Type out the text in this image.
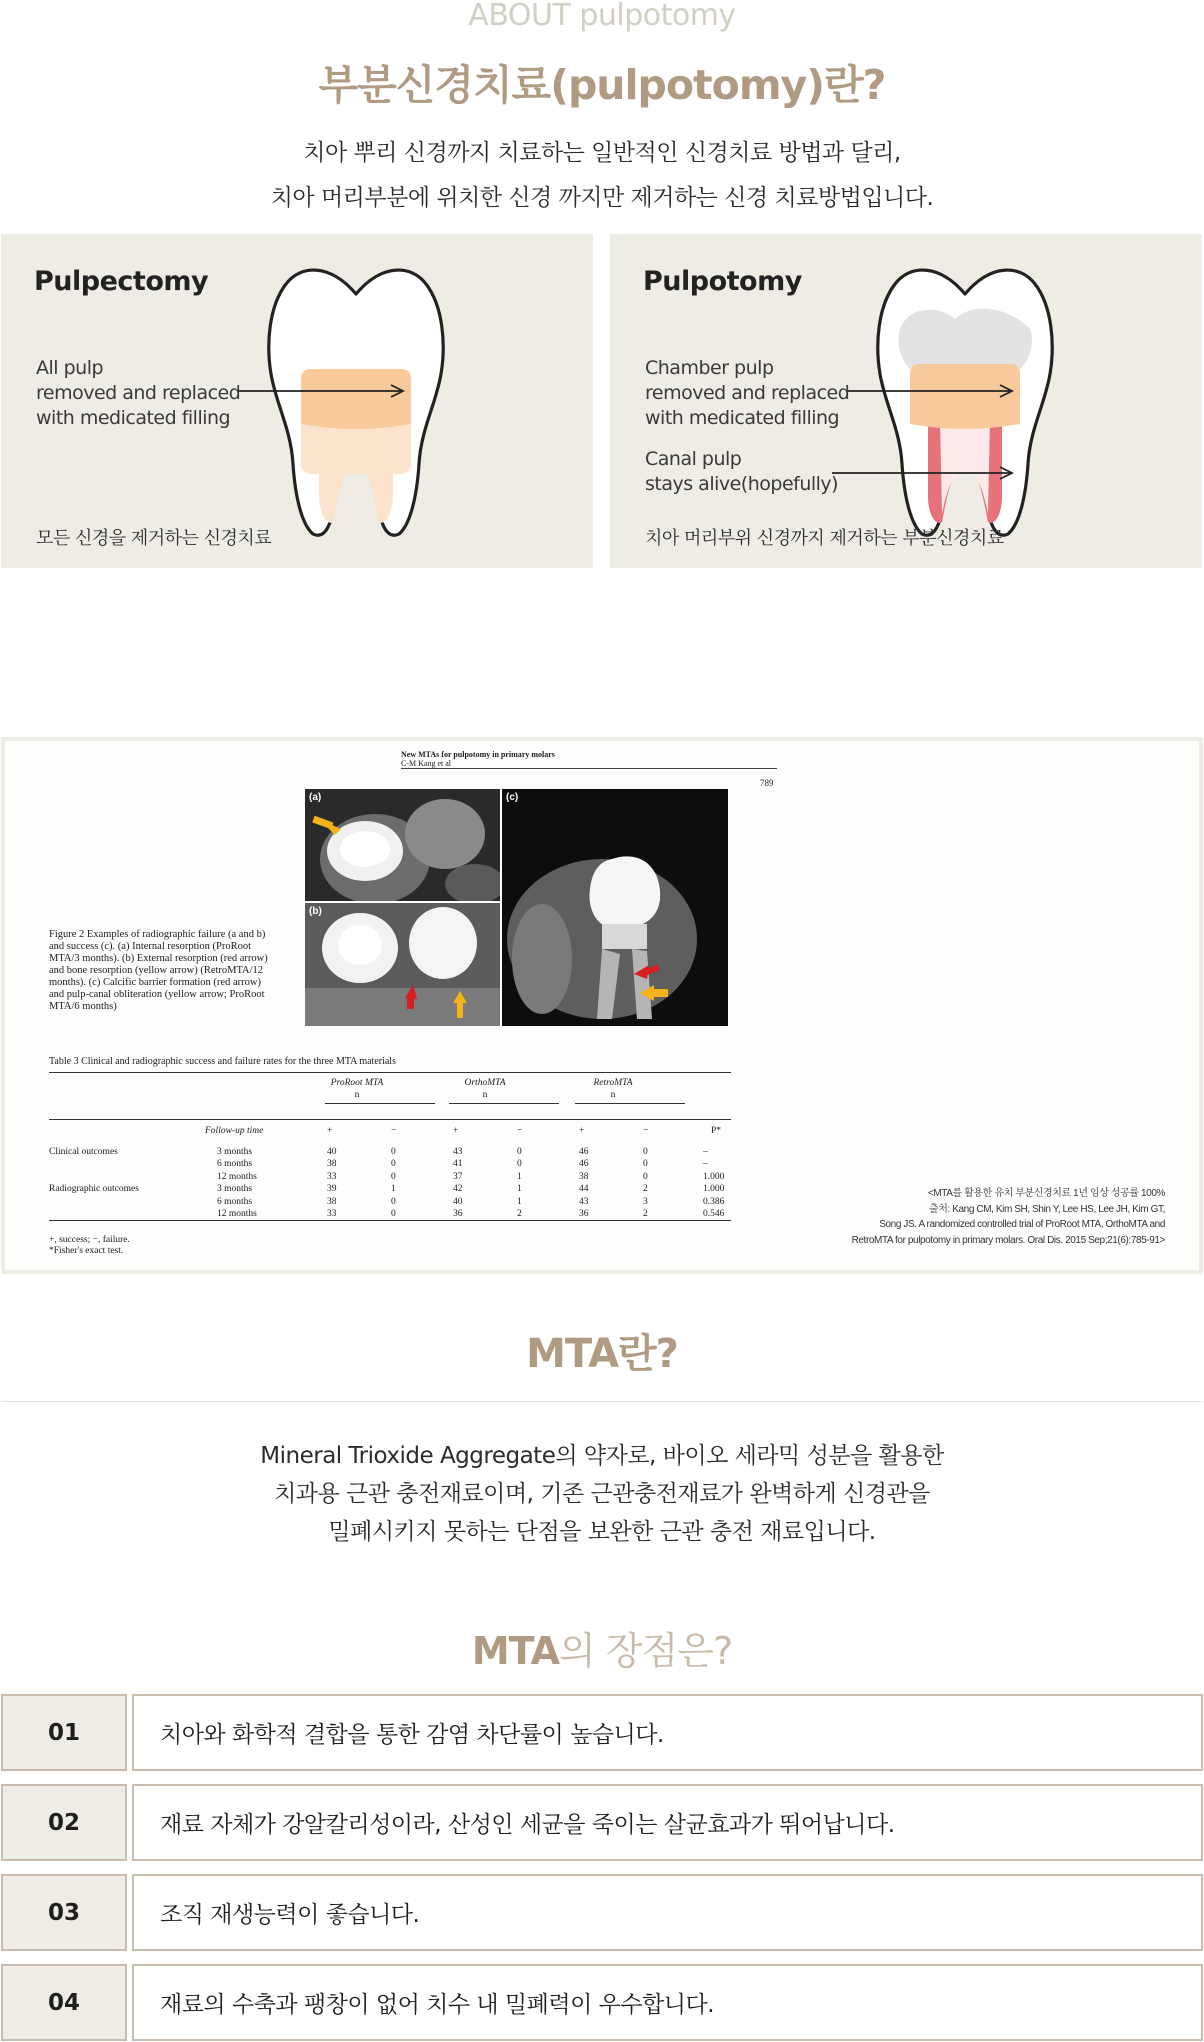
ABOUT pulpotomy
부분신경치료(pulpotomy)란?
치아 뿌리 신경까지 치료하는 일반적인 신경치료 방법과 달리,
치아 머리부분에 위치한 신경 까지만 제거하는 신경 치료방법입니다.
Pulpectomy
All pulp
removed and replaced
with medicated filling
모든 신경을 제거하는 신경치료
Pulpotomy
Chamber pulp
removed and replaced
with medicated filling
Canal pulp
stays alive(hopefully)
치아 머리부위 신경까지 제거하는 부분신경치료
New MTAs for pulpotomy in primary molars
C-M Kang et al
789
(a)
(b)
(c)
Figure 2 Examples of radiographic failure (a and b) and success (c). (a) Internal resorption (ProRoot MTA/3 months). (b) External resorption (red arrow) and bone resorption (yellow arrow) (RetroMTA/12 months). (c) Calcific barrier formation (red arrow) and pulp-canal obliteration (yellow arrow; ProRoot MTA/6 months)
Table 3 Clinical and radiographic success and failure rates for the three MTA materials
ProRoot MTA	OrthoMTA	RetroMTA
n	n	n
Follow-up time	+	−	+	−	+	−	P*
Clinical outcomes	3 months	40	0	43	0	46	0	–
6 months	38	0	41	0	46	0	–
12 months	33	0	37	1	38	0	1.000
Radiographic outcomes	3 months	39	1	42	1	44	2	1.000
6 months	38	0	40	1	43	3	0.386
12 months	33	0	36	2	36	2	0.546
+, success; −, failure.
*Fisher's exact test.
<MTA를 활용한 유치 부분신경치료 1년 임상 성공률 100%
출처: Kang CM, Kim SH, Shin Y, Lee HS, Lee JH, Kim GT,
Song JS. A randomized controlled trial of ProRoot MTA, OrthoMTA and
RetroMTA for pulpotomy in primary molars. Oral Dis. 2015 Sep;21(6):785-91>
MTA란?
Mineral Trioxide Aggregate의 약자로, 바이오 세라믹 성분을 활용한
치과용 근관 충전재료이며, 기존 근관충전재료가 완벽하게 신경관을
밀폐시키지 못하는 단점을 보완한 근관 충전 재료입니다.
MTA의 장점은?
01	치아와 화학적 결합을 통한 감염 차단률이 높습니다.
02	재료 자체가 강알칼리성이라, 산성인 세균을 죽이는 살균효과가 뛰어납니다.
03	조직 재생능력이 좋습니다.
04	재료의 수축과 팽창이 없어 치수 내 밀폐력이 우수합니다.
